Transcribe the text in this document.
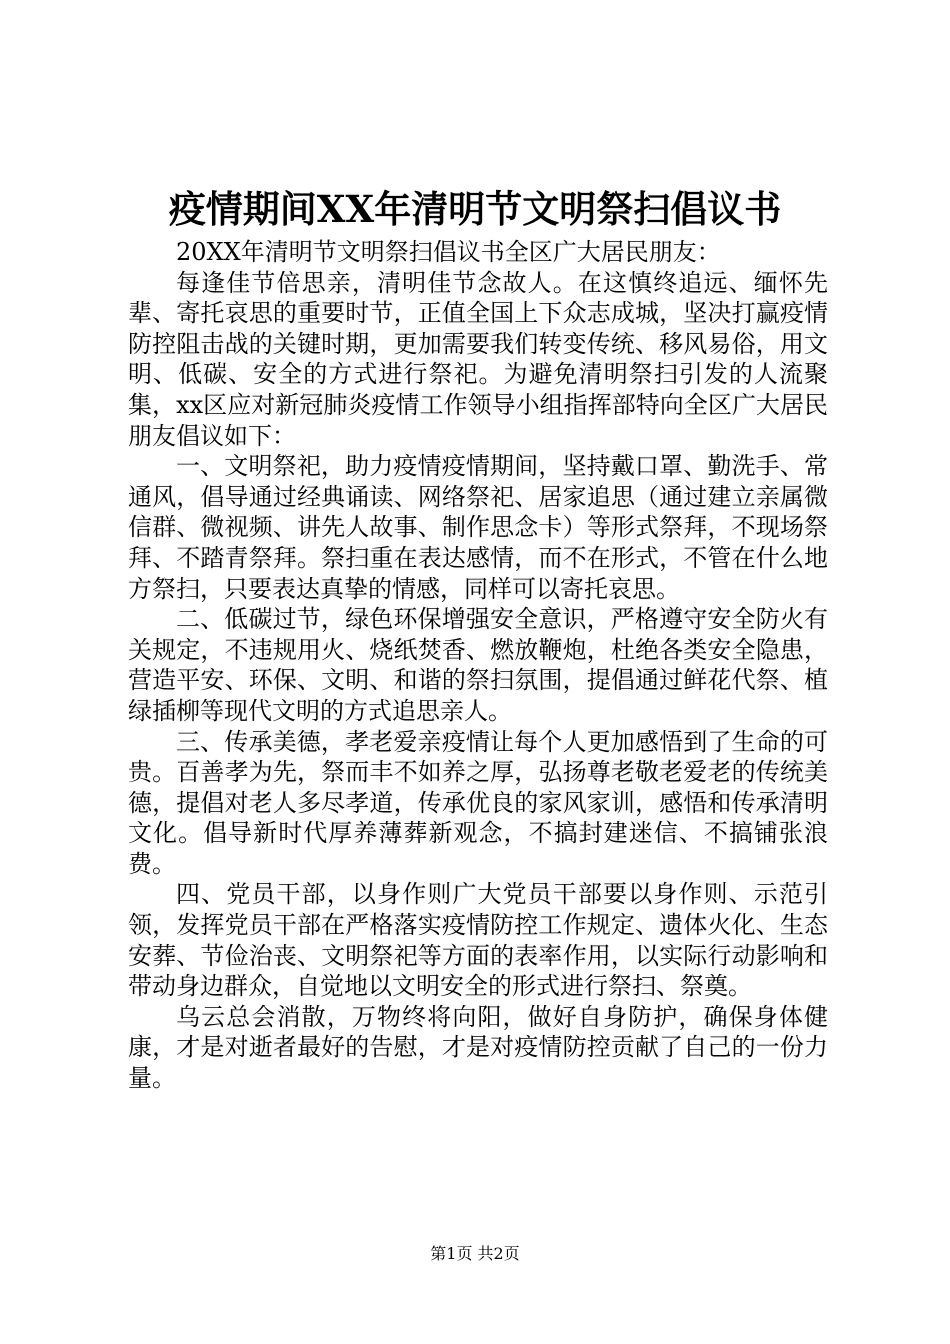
疫情期间XX年清明节文明祭扫倡议书

20XX年清明节文明祭扫倡议书全区广大居民朋友：

每逢佳节倍思亲，清明佳节念故人。在这慎终追远、缅怀先辈、寄托哀思的重要时节，正值全国上下众志成城，坚决打赢疫情防控阻击战的关键时期，更加需要我们转变传统、移风易俗，用文明、低碳、安全的方式进行祭祀。为避免清明祭扫引发的人流聚集，xx区应对新冠肺炎疫情工作领导小组指挥部特向全区广大居民朋友倡议如下：

一、文明祭祀，助力疫情疫情期间，坚持戴口罩、勤洗手、常通风，倡导通过经典诵读、网络祭祀、居家追思（通过建立亲属微信群、微视频、讲先人故事、制作思念卡）等形式祭拜，不现场祭拜、不踏青祭拜。祭扫重在表达感情，而不在形式，不管在什么地方祭扫，只要表达真挚的情感，同样可以寄托哀思。

二、低碳过节，绿色环保增强安全意识，严格遵守安全防火有关规定，不违规用火、烧纸焚香、燃放鞭炮，杜绝各类安全隐患，营造平安、环保、文明、和谐的祭扫氛围，提倡通过鲜花代祭、植绿插柳等现代文明的方式追思亲人。

三、传承美德，孝老爱亲疫情让每个人更加感悟到了生命的可贵。百善孝为先，祭而丰不如养之厚，弘扬尊老敬老爱老的传统美德，提倡对老人多尽孝道，传承优良的家风家训，感悟和传承清明文化。倡导新时代厚养薄葬新观念，不搞封建迷信、不搞铺张浪费。

四、党员干部，以身作则广大党员干部要以身作则、示范引领，发挥党员干部在严格落实疫情防控工作规定、遗体火化、生态安葬、节俭治丧、文明祭祀等方面的表率作用，以实际行动影响和带动身边群众，自觉地以文明安全的形式进行祭扫、祭奠。

乌云总会消散，万物终将向阳，做好自身防护，确保身体健康，才是对逝者最好的告慰，才是对疫情防控贡献了自己的一份力量。

第1页 共2页
